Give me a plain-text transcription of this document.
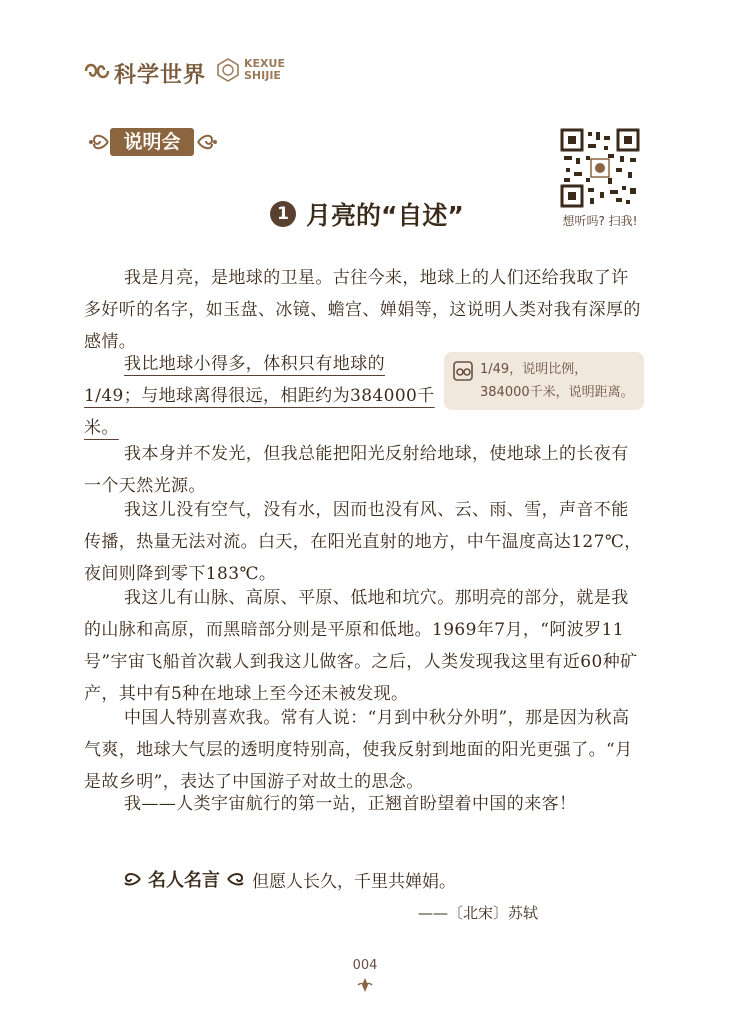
科学世界	KEXUE
SHIJIE
说明会
想听吗? 扫我!
1 月亮的“自述”

我是月亮，是地球的卫星。古往今来，地球上的人们还给我取了许多好听的名字，如玉盘、冰镜、蟾宫、婵娟等，这说明人类对我有深厚的感情。

我比地球小得多，体积只有地球的1/49；与地球离得很远，相距约为384000千米。

1/49，说明比例，
384000千米，说明距离。

我本身并不发光，但我总能把阳光反射给地球，使地球上的长夜有一个天然光源。

我这儿没有空气，没有水，因而也没有风、云、雨、雪，声音不能传播，热量无法对流。白天，在阳光直射的地方，中午温度高达127℃，夜间则降到零下183℃。

我这儿有山脉、高原、平原、低地和坑穴。那明亮的部分，就是我的山脉和高原，而黑暗部分则是平原和低地。1969年7月，“阿波罗11号”宇宙飞船首次载人到我这儿做客。之后，人类发现我这里有近60种矿产，其中有5种在地球上至今还未被发现。

中国人特别喜欢我。常有人说：“月到中秋分外明”，那是因为秋高气爽，地球大气层的透明度特别高，使我反射到地面的阳光更强了。“月是故乡明”，表达了中国游子对故土的思念。

我——人类宇宙航行的第一站，正翘首盼望着中国的来客！

名人名言 但愿人长久，千里共婵娟。
——〔北宋〕苏轼
004
